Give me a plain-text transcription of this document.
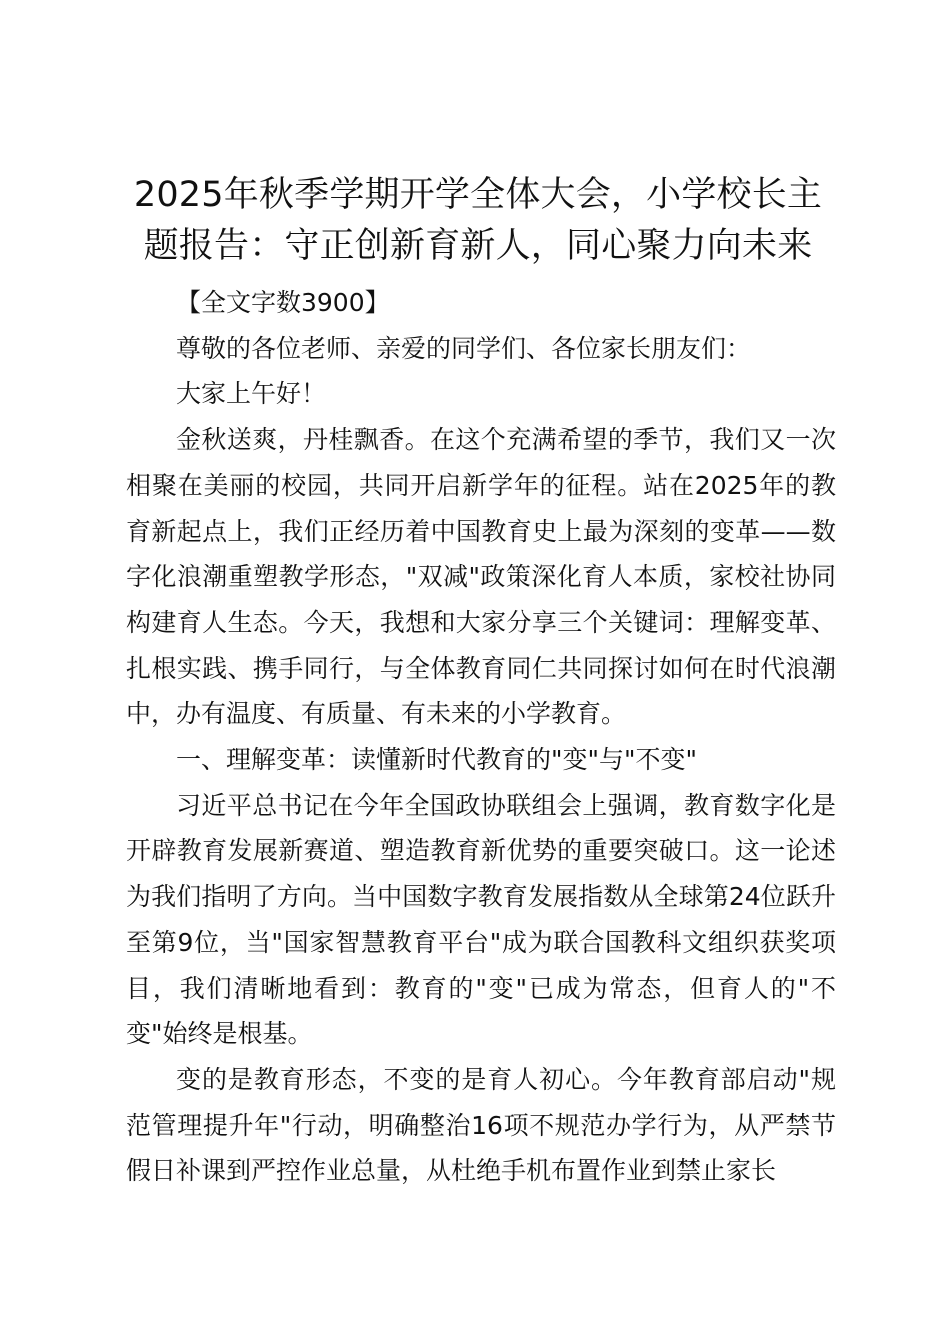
2025年秋季学期开学全体大会，小学校长主题报告：守正创新育新人，同心聚力向未来

【全文字数3900】

尊敬的各位老师、亲爱的同学们、各位家长朋友们：

大家上午好！

金秋送爽，丹桂飘香。在这个充满希望的季节，我们又一次相聚在美丽的校园，共同开启新学年的征程。站在2025年的教育新起点上，我们正经历着中国教育史上最为深刻的变革——数字化浪潮重塑教学形态，"双减"政策深化育人本质，家校社协同构建育人生态。今天，我想和大家分享三个关键词：理解变革、扎根实践、携手同行，与全体教育同仁共同探讨如何在时代浪潮中，办有温度、有质量、有未来的小学教育。

一、理解变革：读懂新时代教育的"变"与"不变"

习近平总书记在今年全国政协联组会上强调，教育数字化是开辟教育发展新赛道、塑造教育新优势的重要突破口。这一论述为我们指明了方向。当中国数字教育发展指数从全球第24位跃升至第9位，当"国家智慧教育平台"成为联合国教科文组织获奖项目，我们清晰地看到：教育的"变"已成为常态，但育人的"不变"始终是根基。

变的是教育形态，不变的是育人初心。今年教育部启动"规范管理提升年"行动，明确整治16项不规范办学行为，从严禁节假日补课到严控作业总量，从杜绝手机布置作业到禁止家长
